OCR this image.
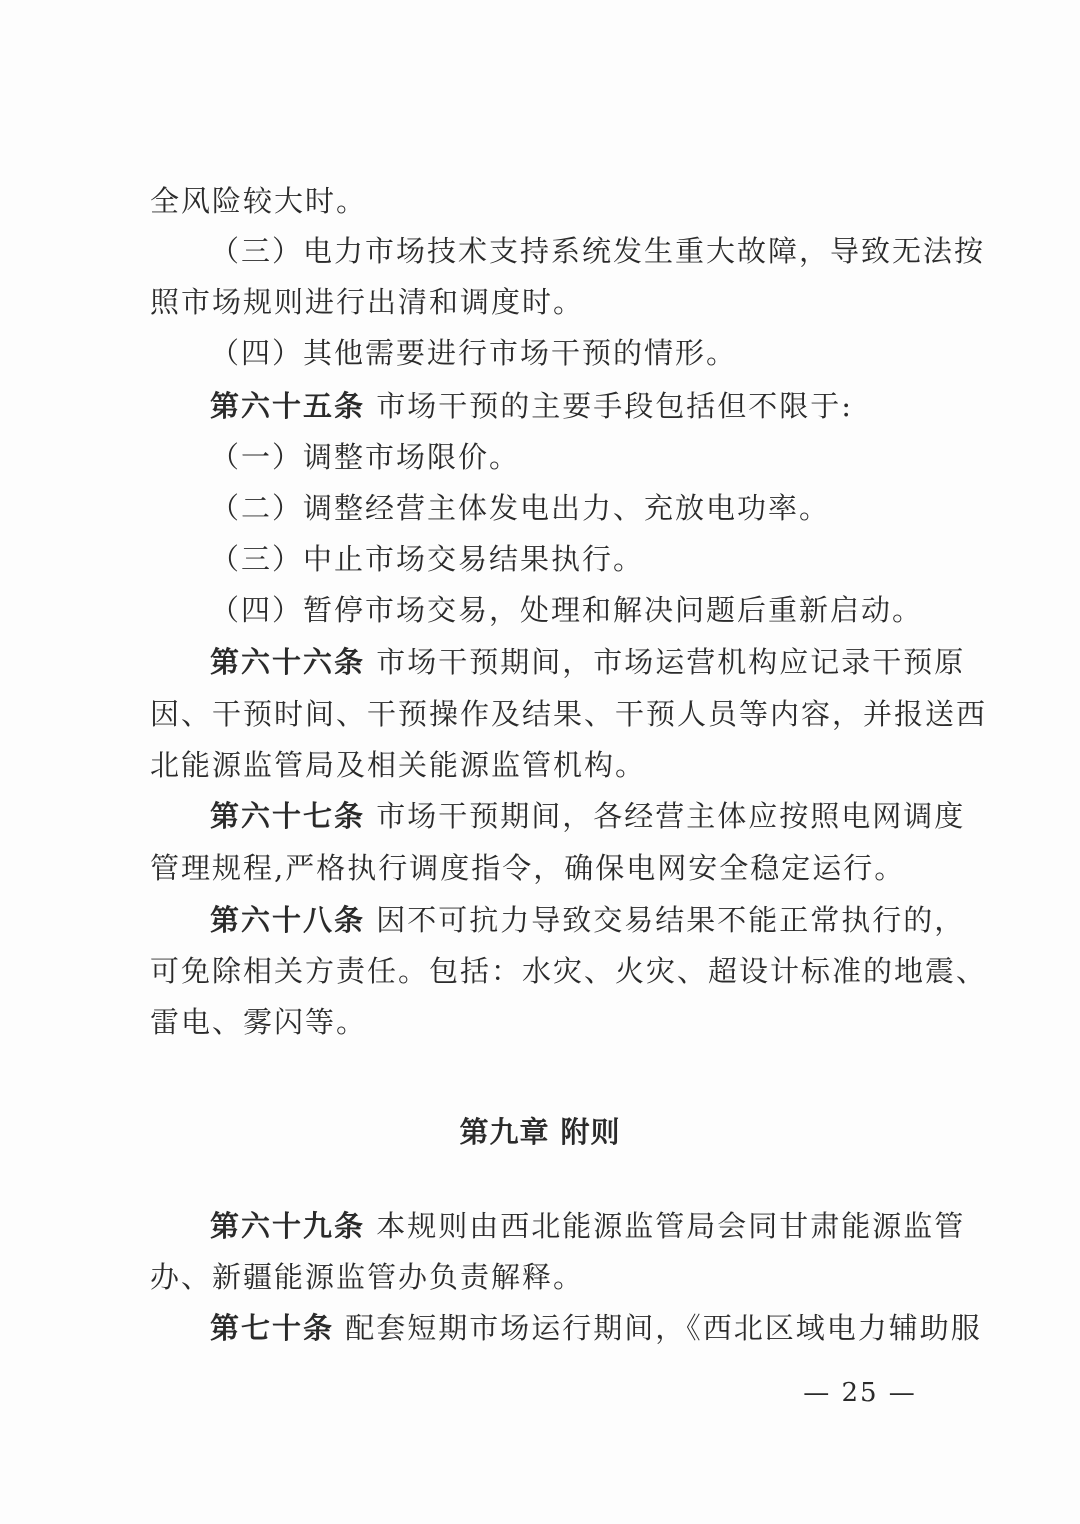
全风险较大时。
（三）电力市场技术支持系统发生重大故障，导致无法按
照市场规则进行出清和调度时。
（四）其他需要进行市场干预的情形。
第六十五条 市场干预的主要手段包括但不限于:
（一）调整市场限价。
（二）调整经营主体发电出力、充放电功率。
（三）中止市场交易结果执行。
（四）暂停市场交易，处理和解决问题后重新启动。
第六十六条 市场干预期间，市场运营机构应记录干预原
因、干预时间、干预操作及结果、干预人员等内容，并报送西
北能源监管局及相关能源监管机构。
第六十七条 市场干预期间，各经营主体应按照电网调度
管理规程,严格执行调度指令，确保电网安全稳定运行。
第六十八条 因不可抗力导致交易结果不能正常执行的，
可免除相关方责任。包括：水灾、火灾、超设计标准的地震、
雷电、雾闪等。
第九章 附则
第六十九条 本规则由西北能源监管局会同甘肃能源监管
办、新疆能源监管办负责解释。
第七十条 配套短期市场运行期间，《西北区域电力辅助服
— 25 —
